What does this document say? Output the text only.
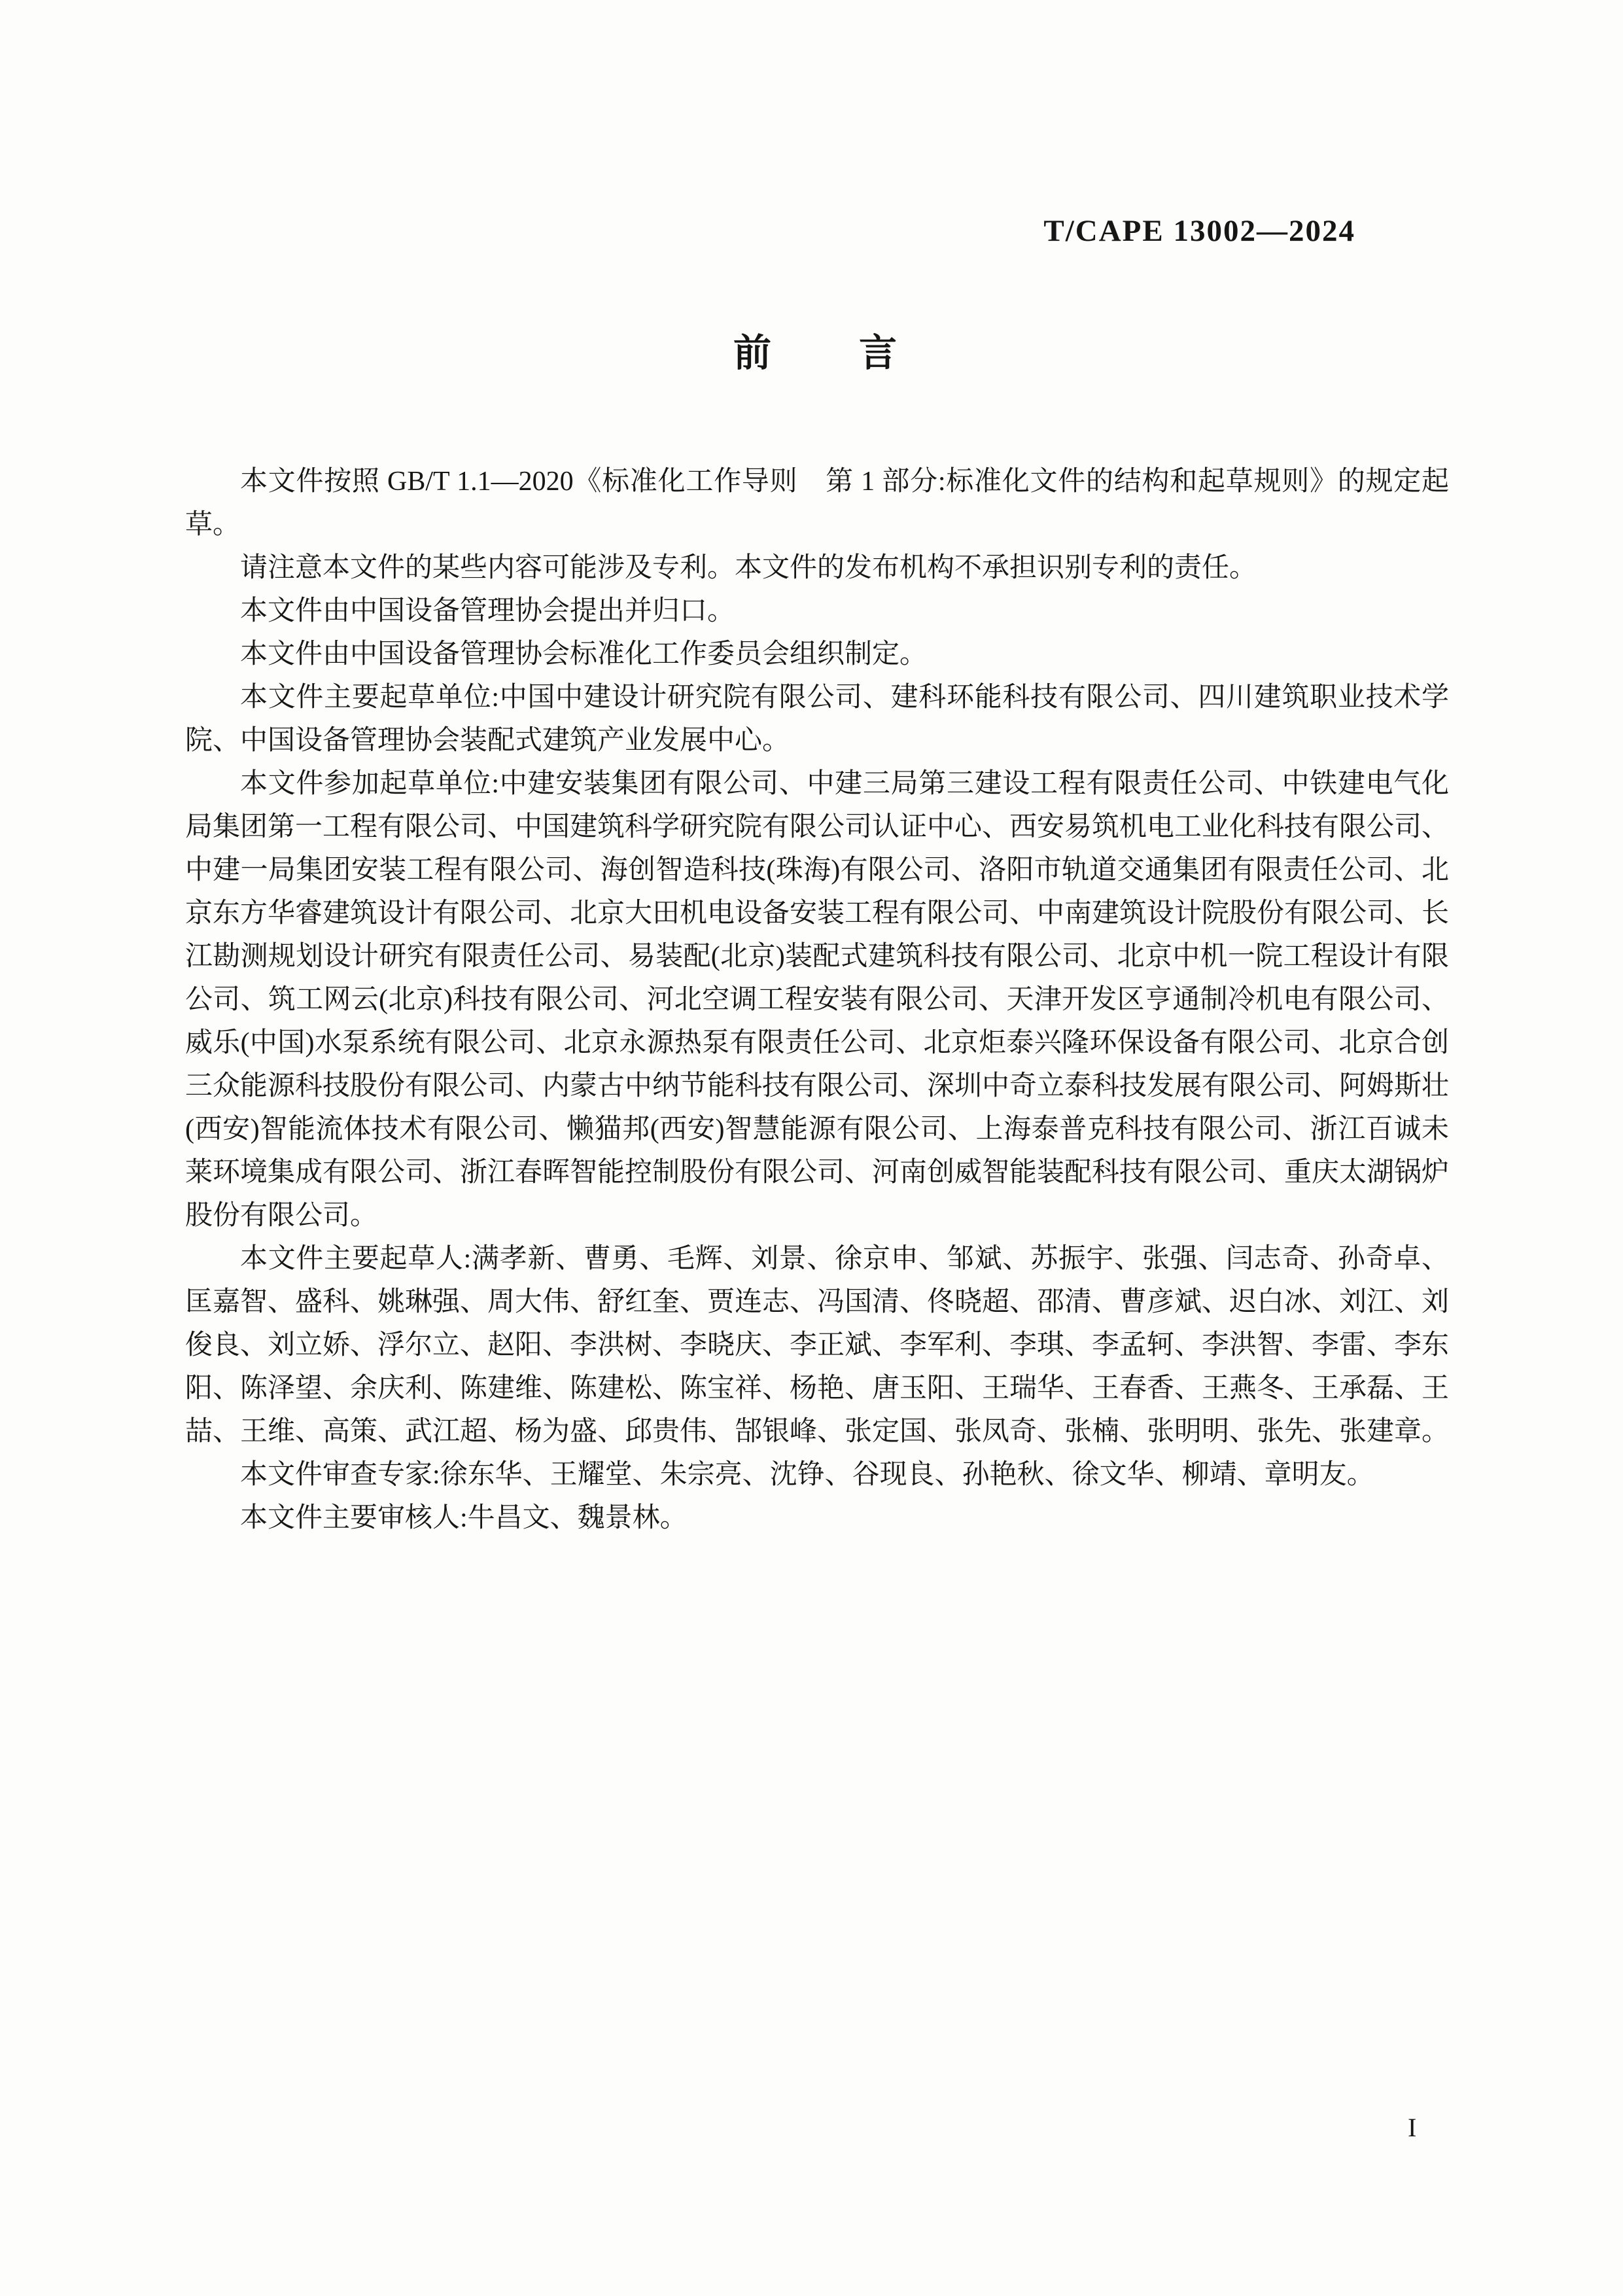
T/CAPE 13002—2024
前　　言

本文件按照 GB/T 1.1—2020《标准化工作导则　第 1 部分:标准化文件的结构和起草规则》的规定起草。

请注意本文件的某些内容可能涉及专利。本文件的发布机构不承担识别专利的责任。

本文件由中国设备管理协会提出并归口。

本文件由中国设备管理协会标准化工作委员会组织制定。

本文件主要起草单位:中国中建设计研究院有限公司、建科环能科技有限公司、四川建筑职业技术学院、中国设备管理协会装配式建筑产业发展中心。

本文件参加起草单位:中建安装集团有限公司、中建三局第三建设工程有限责任公司、中铁建电气化局集团第一工程有限公司、中国建筑科学研究院有限公司认证中心、西安易筑机电工业化科技有限公司、中建一局集团安装工程有限公司、海创智造科技(珠海)有限公司、洛阳市轨道交通集团有限责任公司、北京东方华睿建筑设计有限公司、北京大田机电设备安装工程有限公司、中南建筑设计院股份有限公司、长江勘测规划设计研究有限责任公司、易装配(北京)装配式建筑科技有限公司、北京中机一院工程设计有限公司、筑工网云(北京)科技有限公司、河北空调工程安装有限公司、天津开发区亨通制冷机电有限公司、威乐(中国)水泵系统有限公司、北京永源热泵有限责任公司、北京炬泰兴隆环保设备有限公司、北京合创三众能源科技股份有限公司、内蒙古中纳节能科技有限公司、深圳中奇立泰科技发展有限公司、阿姆斯壮(西安)智能流体技术有限公司、懒猫邦(西安)智慧能源有限公司、上海泰普克科技有限公司、浙江百诚未莱环境集成有限公司、浙江春晖智能控制股份有限公司、河南创威智能装配科技有限公司、重庆太湖锅炉股份有限公司。

本文件主要起草人:满孝新、曹勇、毛辉、刘景、徐京申、邹斌、苏振宇、张强、闫志奇、孙奇卓、匡嘉智、盛科、姚琳强、周大伟、舒红奎、贾连志、冯国清、佟晓超、邵清、曹彦斌、迟白冰、刘江、刘俊良、刘立娇、浮尔立、赵阳、李洪树、李晓庆、李正斌、李军利、李琪、李孟轲、李洪智、李雷、李东阳、陈泽望、余庆利、陈建维、陈建松、陈宝祥、杨艳、唐玉阳、王瑞华、王春香、王燕冬、王承磊、王喆、王维、高策、武江超、杨为盛、邱贵伟、郜银峰、张定国、张凤奇、张楠、张明明、张先、张建章。

本文件审查专家:徐东华、王耀堂、朱宗亮、沈铮、谷现良、孙艳秋、徐文华、柳靖、章明友。

本文件主要审核人:牛昌文、魏景林。

I
